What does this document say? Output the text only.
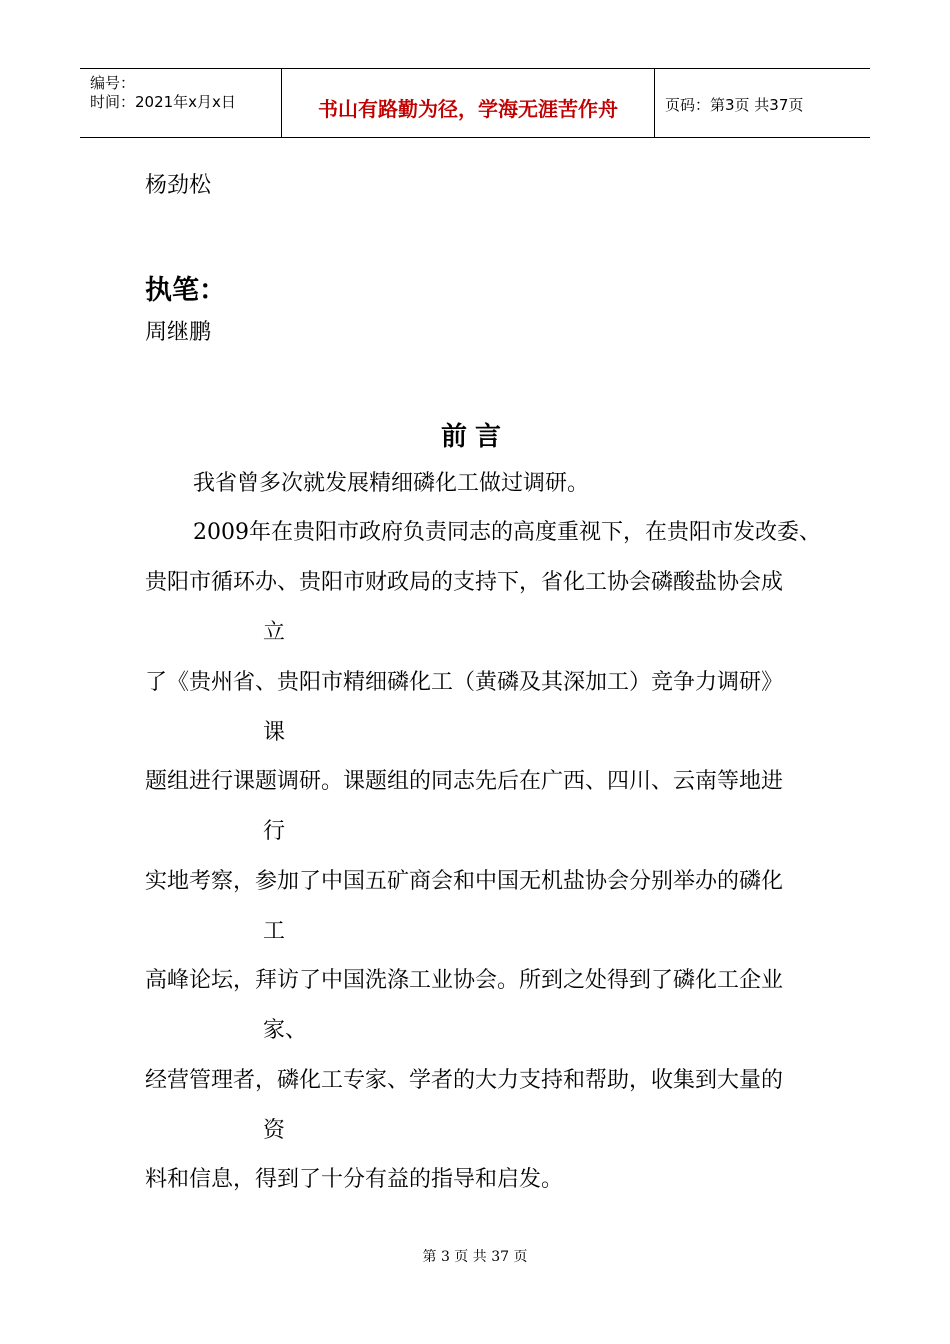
编号：
时间：2021年x月x日	书山有路勤为径，学海无涯苦作舟	页码：第3页 共37页
杨劲松
执笔：
周继鹏
前言
我省曾多次就发展精细磷化工做过调研。
2009年在贵阳市政府负责同志的高度重视下，在贵阳市发改委、
贵阳市循环办、贵阳市财政局的支持下，省化工协会磷酸盐协会成
立
了《贵州省、贵阳市精细磷化工（黄磷及其深加工）竞争力调研》
课
题组进行课题调研。课题组的同志先后在广西、四川、云南等地进
行
实地考察，参加了中国五矿商会和中国无机盐协会分别举办的磷化
工
高峰论坛，拜访了中国洗涤工业协会。所到之处得到了磷化工企业
家、
经营管理者，磷化工专家、学者的大力支持和帮助，收集到大量的
资
料和信息，得到了十分有益的指导和启发。
第 3 页 共 37 页
